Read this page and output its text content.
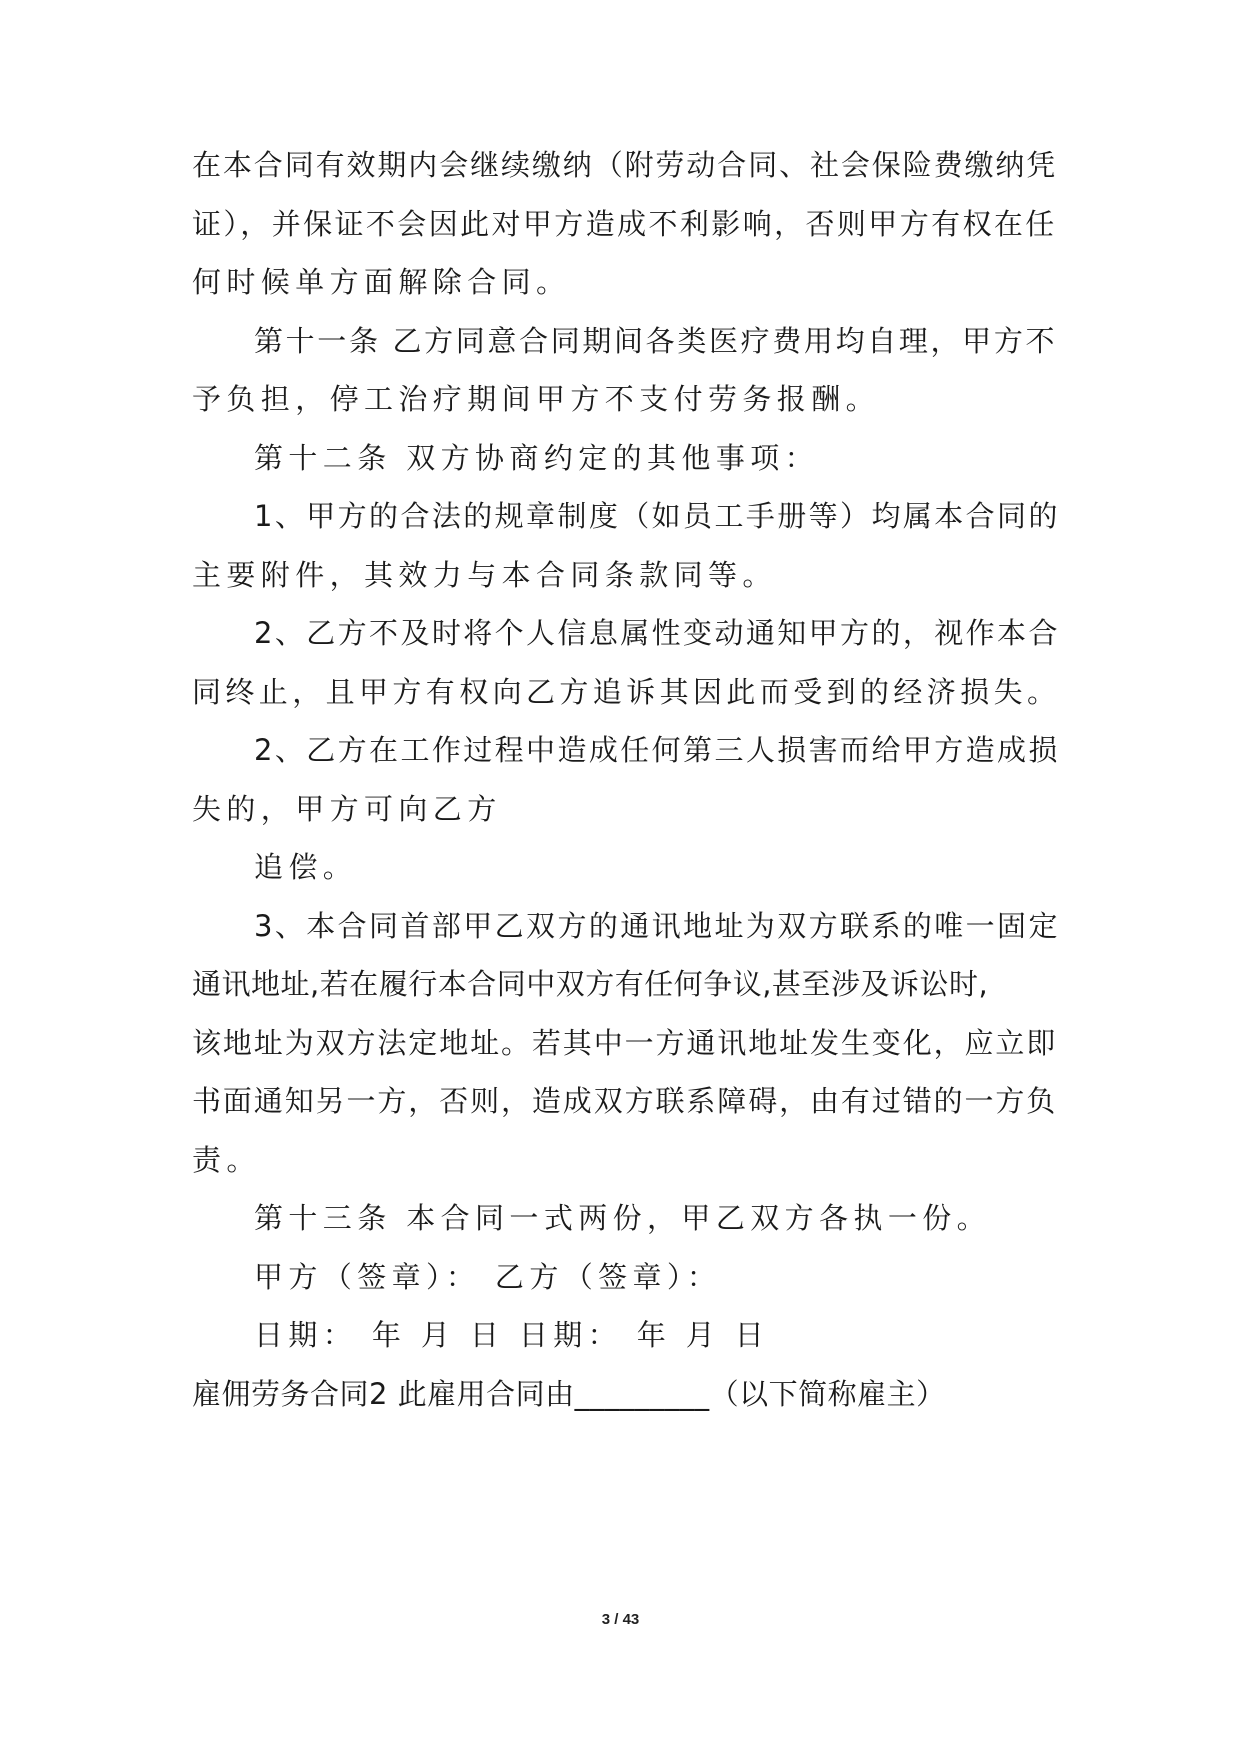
在本合同有效期内会继续缴纳（附劳动合同、社会保险费缴纳凭
证），并保证不会因此对甲方造成不利影响，否则甲方有权在任
何时候单方面解除合同。
第十一条 乙方同意合同期间各类医疗费用均自理，甲方不
予负担，停工治疗期间甲方不支付劳务报酬。
第十二条 双方协商约定的其他事项：
1、甲方的合法的规章制度（如员工手册等）均属本合同的
主要附件，其效力与本合同条款同等。
2、乙方不及时将个人信息属性变动通知甲方的，视作本合
同终止，且甲方有权向乙方追诉其因此而受到的经济损失。
2、乙方在工作过程中造成任何第三人损害而给甲方造成损
失的，甲方可向乙方
追偿。
3、本合同首部甲乙双方的通讯地址为双方联系的唯一固定
通讯地址,若在履行本合同中双方有任何争议,甚至涉及诉讼时,
该地址为双方法定地址。若其中一方通讯地址发生变化，应立即
书面通知另一方，否则，造成双方联系障碍，由有过错的一方负
责。
第十三条 本合同一式两份，甲乙双方各执一份。
甲方（签章）： 乙方（签章）：
日期： 年 月 日 日期： 年 月 日
雇佣劳务合同2 此雇用合同由_________（以下简称雇主）
3 / 43
